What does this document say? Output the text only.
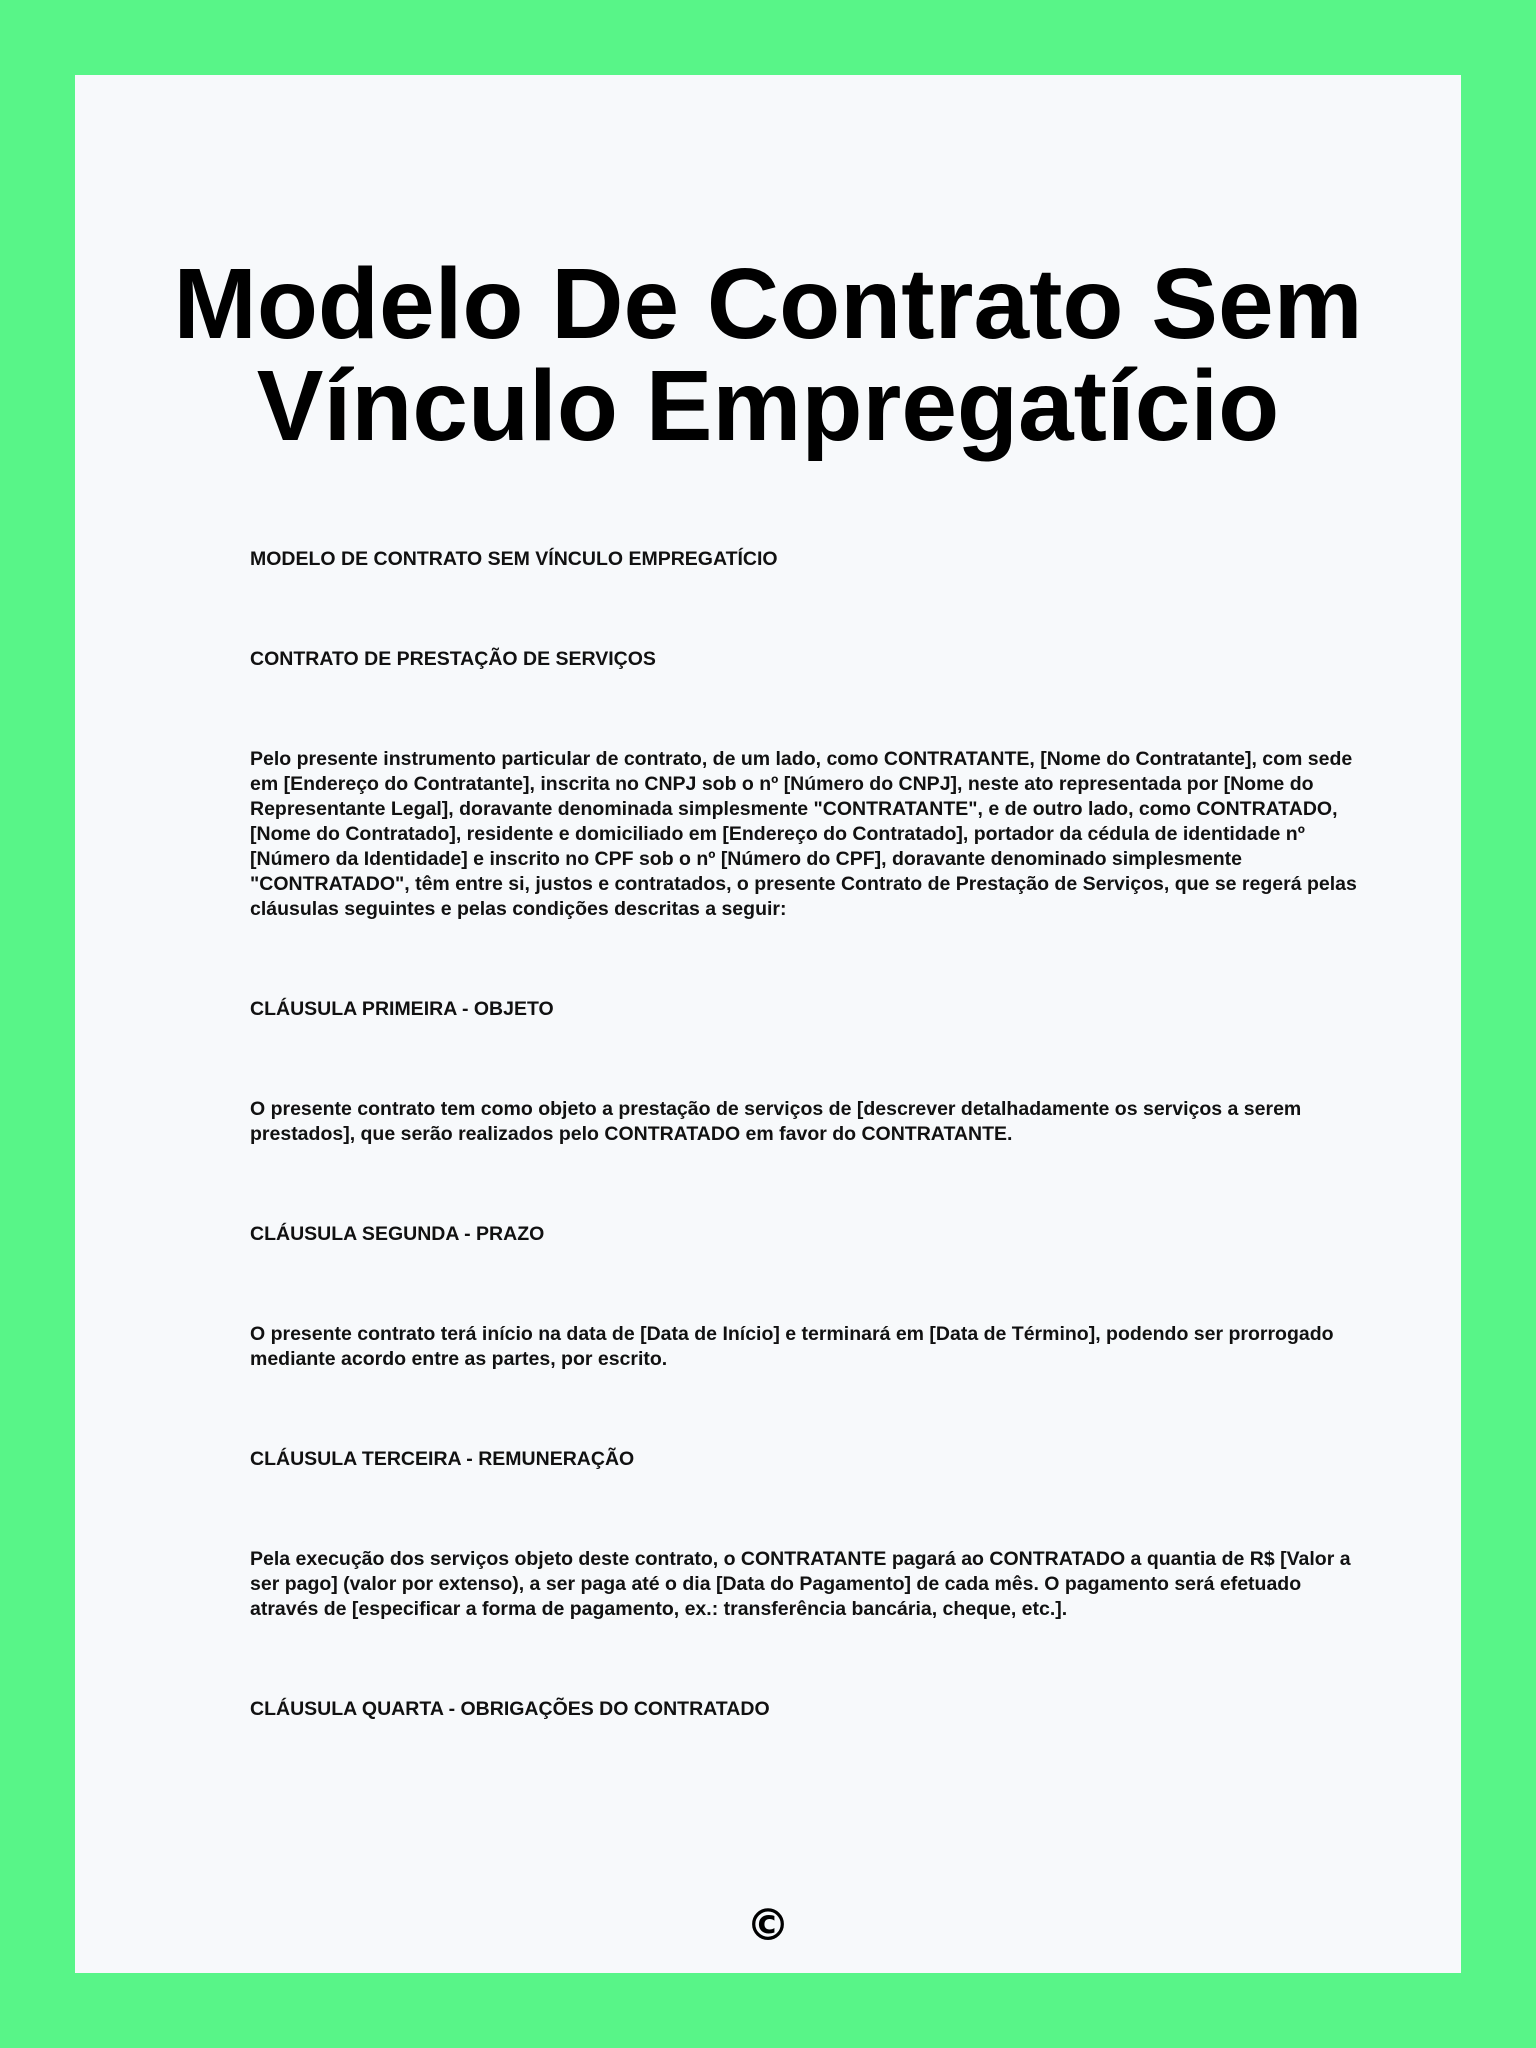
Modelo De Contrato Sem Vínculo Empregatício

MODELO DE CONTRATO SEM VÍNCULO EMPREGATÍCIO

CONTRATO DE PRESTAÇÃO DE SERVIÇOS

Pelo presente instrumento particular de contrato, de um lado, como CONTRATANTE, [Nome do Contratante], com sede em [Endereço do Contratante], inscrita no CNPJ sob o nº [Número do CNPJ], neste ato representada por [Nome do Representante Legal], doravante denominada simplesmente "CONTRATANTE", e de outro lado, como CONTRATADO, [Nome do Contratado], residente e domiciliado em [Endereço do Contratado], portador da cédula de identidade nº [Número da Identidade] e inscrito no CPF sob o nº [Número do CPF], doravante denominado simplesmente "CONTRATADO", têm entre si, justos e contratados, o presente Contrato de Prestação de Serviços, que se regerá pelas cláusulas seguintes e pelas condições descritas a seguir:

CLÁUSULA PRIMEIRA - OBJETO

O presente contrato tem como objeto a prestação de serviços de [descrever detalhadamente os serviços a serem prestados], que serão realizados pelo CONTRATADO em favor do CONTRATANTE.

CLÁUSULA SEGUNDA - PRAZO

O presente contrato terá início na data de [Data de Início] e terminará em [Data de Término], podendo ser prorrogado mediante acordo entre as partes, por escrito.

CLÁUSULA TERCEIRA - REMUNERAÇÃO

Pela execução dos serviços objeto deste contrato, o CONTRATANTE pagará ao CONTRATADO a quantia de R$ [Valor a ser pago] (valor por extenso), a ser paga até o dia [Data do Pagamento] de cada mês. O pagamento será efetuado através de [especificar a forma de pagamento, ex.: transferência bancária, cheque, etc.].

CLÁUSULA QUARTA - OBRIGAÇÕES DO CONTRATADO

©
